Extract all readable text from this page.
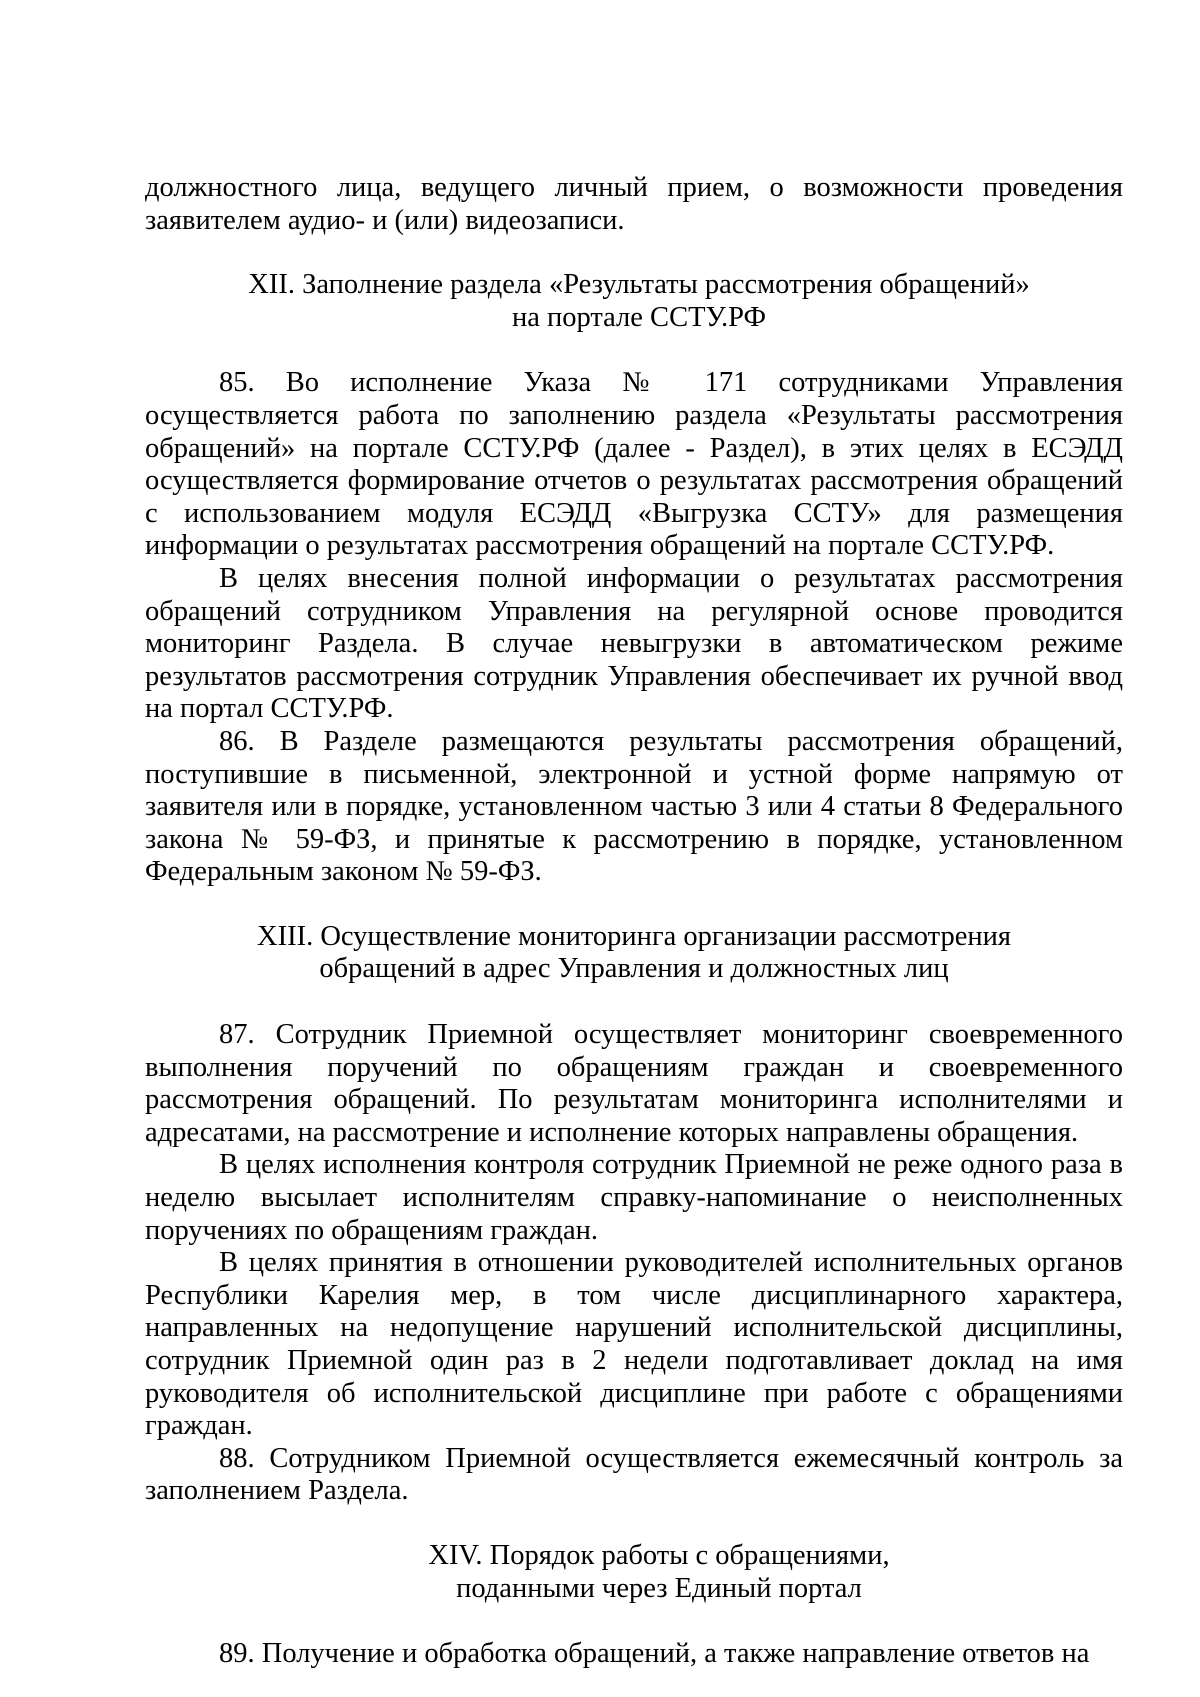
должностного лица, ведущего личный прием, о возможности проведения
заявителем аудио- и (или) видеозаписи.

XII. Заполнение раздела «Результаты рассмотрения обращений»
на портале ССТУ.РФ

85. Во исполнение Указа № 171 сотрудниками Управления осуществляется работа по заполнению раздела «Результаты рассмотрения обращений» на портале ССТУ.РФ (далее - Раздел), в этих целях в ЕСЭДД осуществляется формирование отчетов о результатах рассмотрения обращений с использованием модуля ЕСЭДД «Выгрузка ССТУ» для размещения информации о результатах рассмотрения обращений на портале ССТУ.РФ.

В целях внесения полной информации о результатах рассмотрения обращений сотрудником Управления на регулярной основе проводится мониторинг Раздела. В случае невыгрузки в автоматическом режиме результатов рассмотрения сотрудник Управления обеспечивает их ручной ввод на портал ССТУ.РФ.

86. В Разделе размещаются результаты рассмотрения обращений, поступившие в письменной, электронной и устной форме напрямую от заявителя или в порядке, установленном частью 3 или 4 статьи 8 Федерального закона № 59-ФЗ, и принятые к рассмотрению в порядке, установленном Федеральным законом № 59-ФЗ.

XIII. Осуществление мониторинга организации рассмотрения
обращений в адрес Управления и должностных лиц

87. Сотрудник Приемной осуществляет мониторинг своевременного выполнения поручений по обращениям граждан и своевременного рассмотрения обращений. По результатам мониторинга исполнителями и адресатами, на рассмотрение и исполнение которых направлены обращения.

В целях исполнения контроля сотрудник Приемной не реже одного раза в неделю высылает исполнителям справку-напоминание о неисполненных поручениях по обращениям граждан.

В целях принятия в отношении руководителей исполнительных органов Республики Карелия мер, в том числе дисциплинарного характера, направленных на недопущение нарушений исполнительской дисциплины, сотрудник Приемной один раз в 2 недели подготавливает доклад на имя руководителя об исполнительской дисциплине при работе с обращениями граждан.

88. Сотрудником Приемной осуществляется ежемесячный контроль за заполнением Раздела.

XIV. Порядок работы с обращениями,
поданными через Единый портал

89. Получение и обработка обращений, а также направление ответов на
